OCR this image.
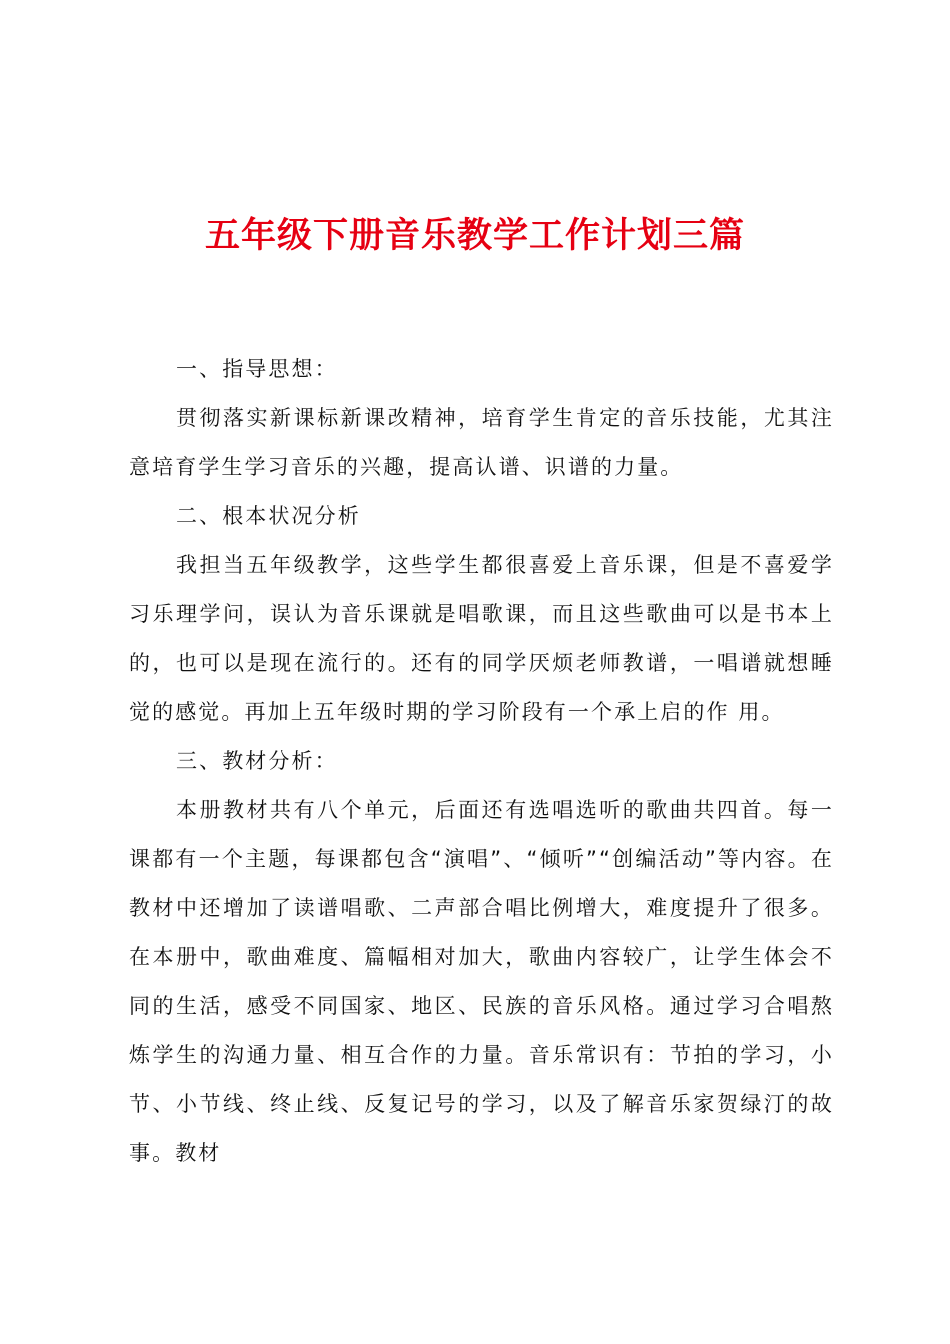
五年级下册音乐教学工作计划三篇

一、指导思想：

贯彻落实新课标新课改精神，培育学生肯定的音乐技能，尤其注意培育学生学习音乐的兴趣，提高认谱、识谱的力量。

二、根本状况分析

我担当五年级教学，这些学生都很喜爱上音乐课，但是不喜爱学习乐理学问，误认为音乐课就是唱歌课，而且这些歌曲可以是书本上的，也可以是现在流行的。还有的同学厌烦老师教谱，一唱谱就想睡觉的感觉。再加上五年级时期的学习阶段有一个承上启的作 用。

三、教材分析：

本册教材共有八个单元，后面还有选唱选听的歌曲共四首。每一课都有一个主题，每课都包含“演唱”、“倾听”“创编活动”等内容。在教材中还增加了读谱唱歌、二声部合唱比例增大，难度提升了很多。在本册中，歌曲难度、篇幅相对加大，歌曲内容较广，让学生体会不同的生活，感受不同国家、地区、民族的音乐风格。通过学习合唱熬炼学生的沟通力量、相互合作的力量。音乐常识有：节拍的学习，小节、小节线、终止线、反复记号的学习，以及了解音乐家贺绿汀的故事。教材
